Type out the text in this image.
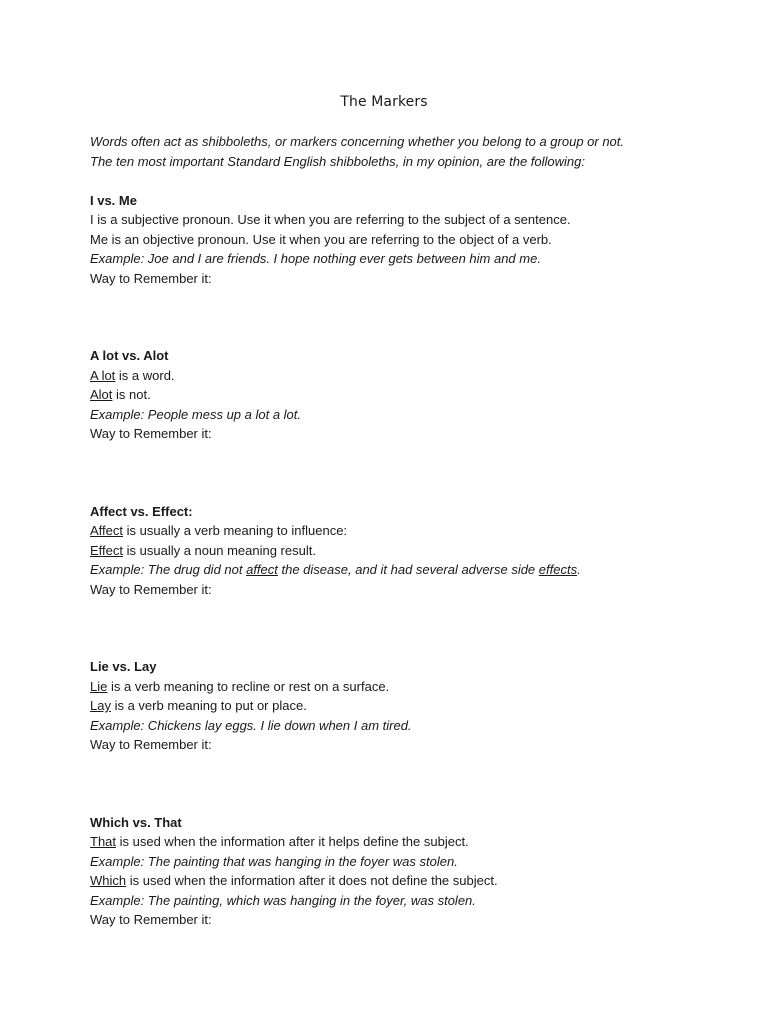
The Markers
Words often act as shibboleths, or markers concerning whether you belong to a group or not.
The ten most important Standard English shibboleths, in my opinion, are the following:
I vs. Me
I is a subjective pronoun. Use it when you are referring to the subject of a sentence.
Me is an objective pronoun. Use it when you are referring to the object of a verb.
Example: Joe and I are friends. I hope nothing ever gets between him and me.
Way to Remember it:
A lot vs. Alot
A lot is a word.
Alot is not.
Example: People mess up a lot a lot.
Way to Remember it:
Affect vs. Effect:
Affect is usually a verb meaning to influence:
Effect is usually a noun meaning result.
Example: The drug did not affect the disease, and it had several adverse side effects.
Way to Remember it:
Lie vs. Lay
Lie is a verb meaning to recline or rest on a surface.
Lay is a verb meaning to put or place.
Example: Chickens lay eggs. I lie down when I am tired.
Way to Remember it:
Which vs. That
That is used when the information after it helps define the subject.
Example: The painting that was hanging in the foyer was stolen.
Which is used when the information after it does not define the subject.
Example: The painting, which was hanging in the foyer, was stolen.
Way to Remember it:
